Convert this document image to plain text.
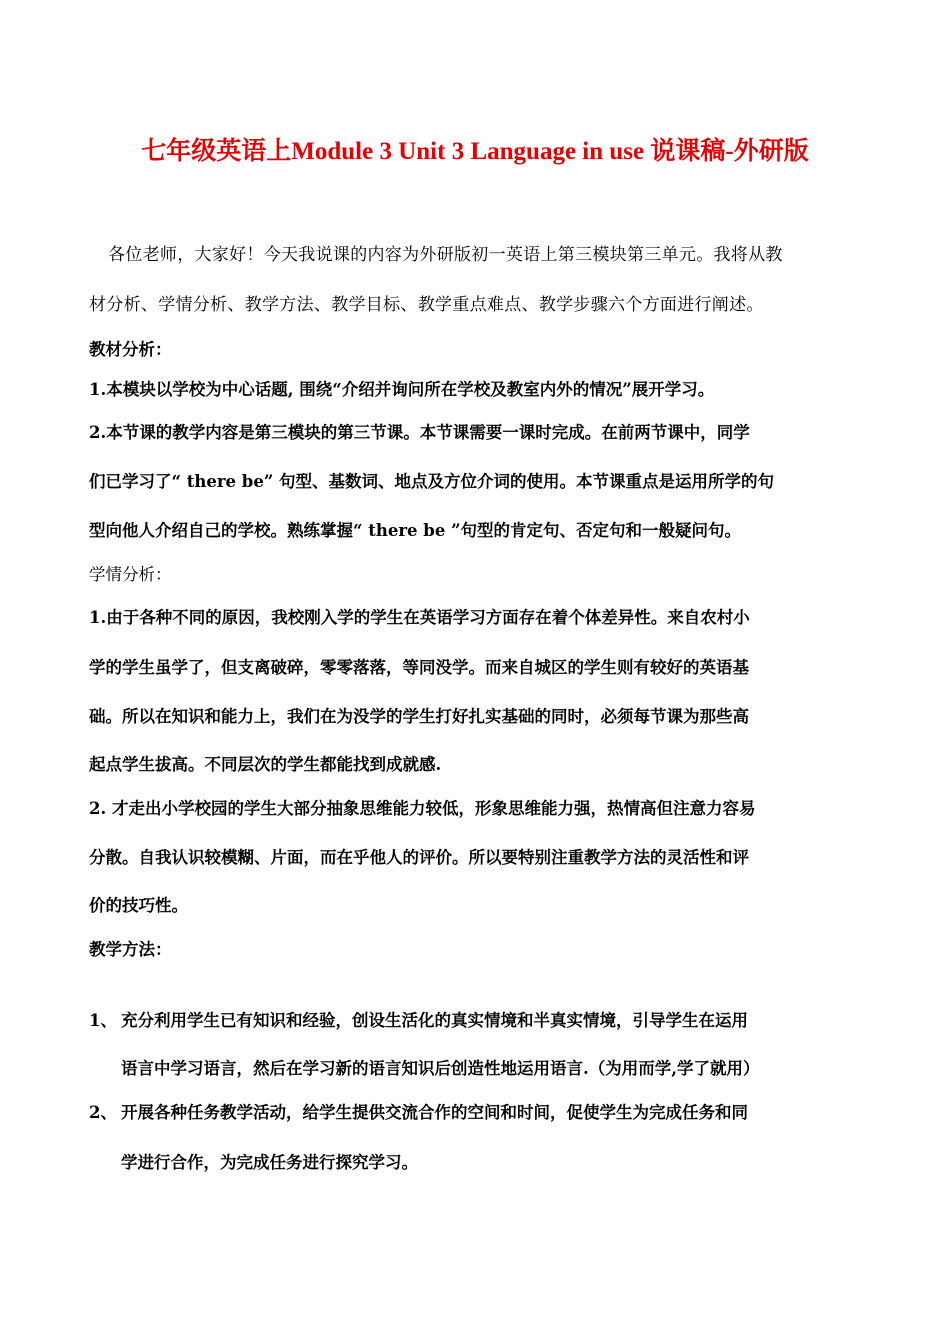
七年级英语上Module 3 Unit 3 Language in use 说课稿-外研版
各位老师，大家好！今天我说课的内容为外研版初一英语上第三模块第三单元。我将从教
材分析、学情分析、教学方法、教学目标、教学重点难点、教学步骤六个方面进行阐述。
教材分析：
1.本模块以学校为中心话题, 围绕“介绍并询问所在学校及教室内外的情况”展开学习。
2.本节课的教学内容是第三模块的第三节课。本节课需要一课时完成。在前两节课中，同学
们已学习了“ there be” 句型、基数词、地点及方位介词的使用。本节课重点是运用所学的句
型向他人介绍自己的学校。熟练掌握“ there be ”句型的肯定句、否定句和一般疑问句。
学情分析：
1.由于各种不同的原因，我校刚入学的学生在英语学习方面存在着个体差异性。来自农村小
学的学生虽学了，但支离破碎，零零落落，等同没学。而来自城区的学生则有较好的英语基
础。所以在知识和能力上，我们在为没学的学生打好扎实基础的同时，必须每节课为那些高
起点学生拔高。不同层次的学生都能找到成就感.
2. 才走出小学校园的学生大部分抽象思维能力较低，形象思维能力强，热情高但注意力容易
分散。自我认识较模糊、片面，而在乎他人的评价。所以要特别注重教学方法的灵活性和评
价的技巧性。
教学方法：
1、 充分利用学生已有知识和经验，创设生活化的真实情境和半真实情境，引导学生在运用
语言中学习语言，然后在学习新的语言知识后创造性地运用语言.（为用而学,学了就用）
2、 开展各种任务教学活动，给学生提供交流合作的空间和时间，促使学生为完成任务和同
学进行合作，为完成任务进行探究学习。
